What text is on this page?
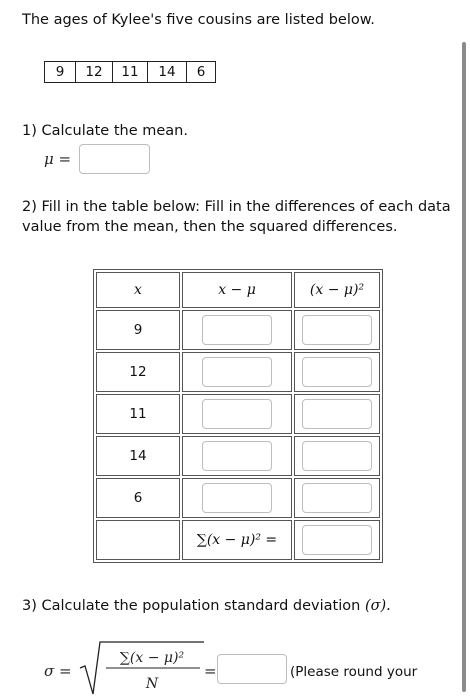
The ages of Kylee's five cousins are listed below.
9	12	11	14	6
1) Calculate the mean.
μ =
2) Fill in the table below: Fill in the differences of each data value from the mean, then the squared differences.
x	x − μ	(x − μ)²
9		
12		
11		
14		
6		
	∑(x − μ)² =	
3) Calculate the population standard deviation (σ).
σ =
∑(x − μ)²
N
=	(Please round your
